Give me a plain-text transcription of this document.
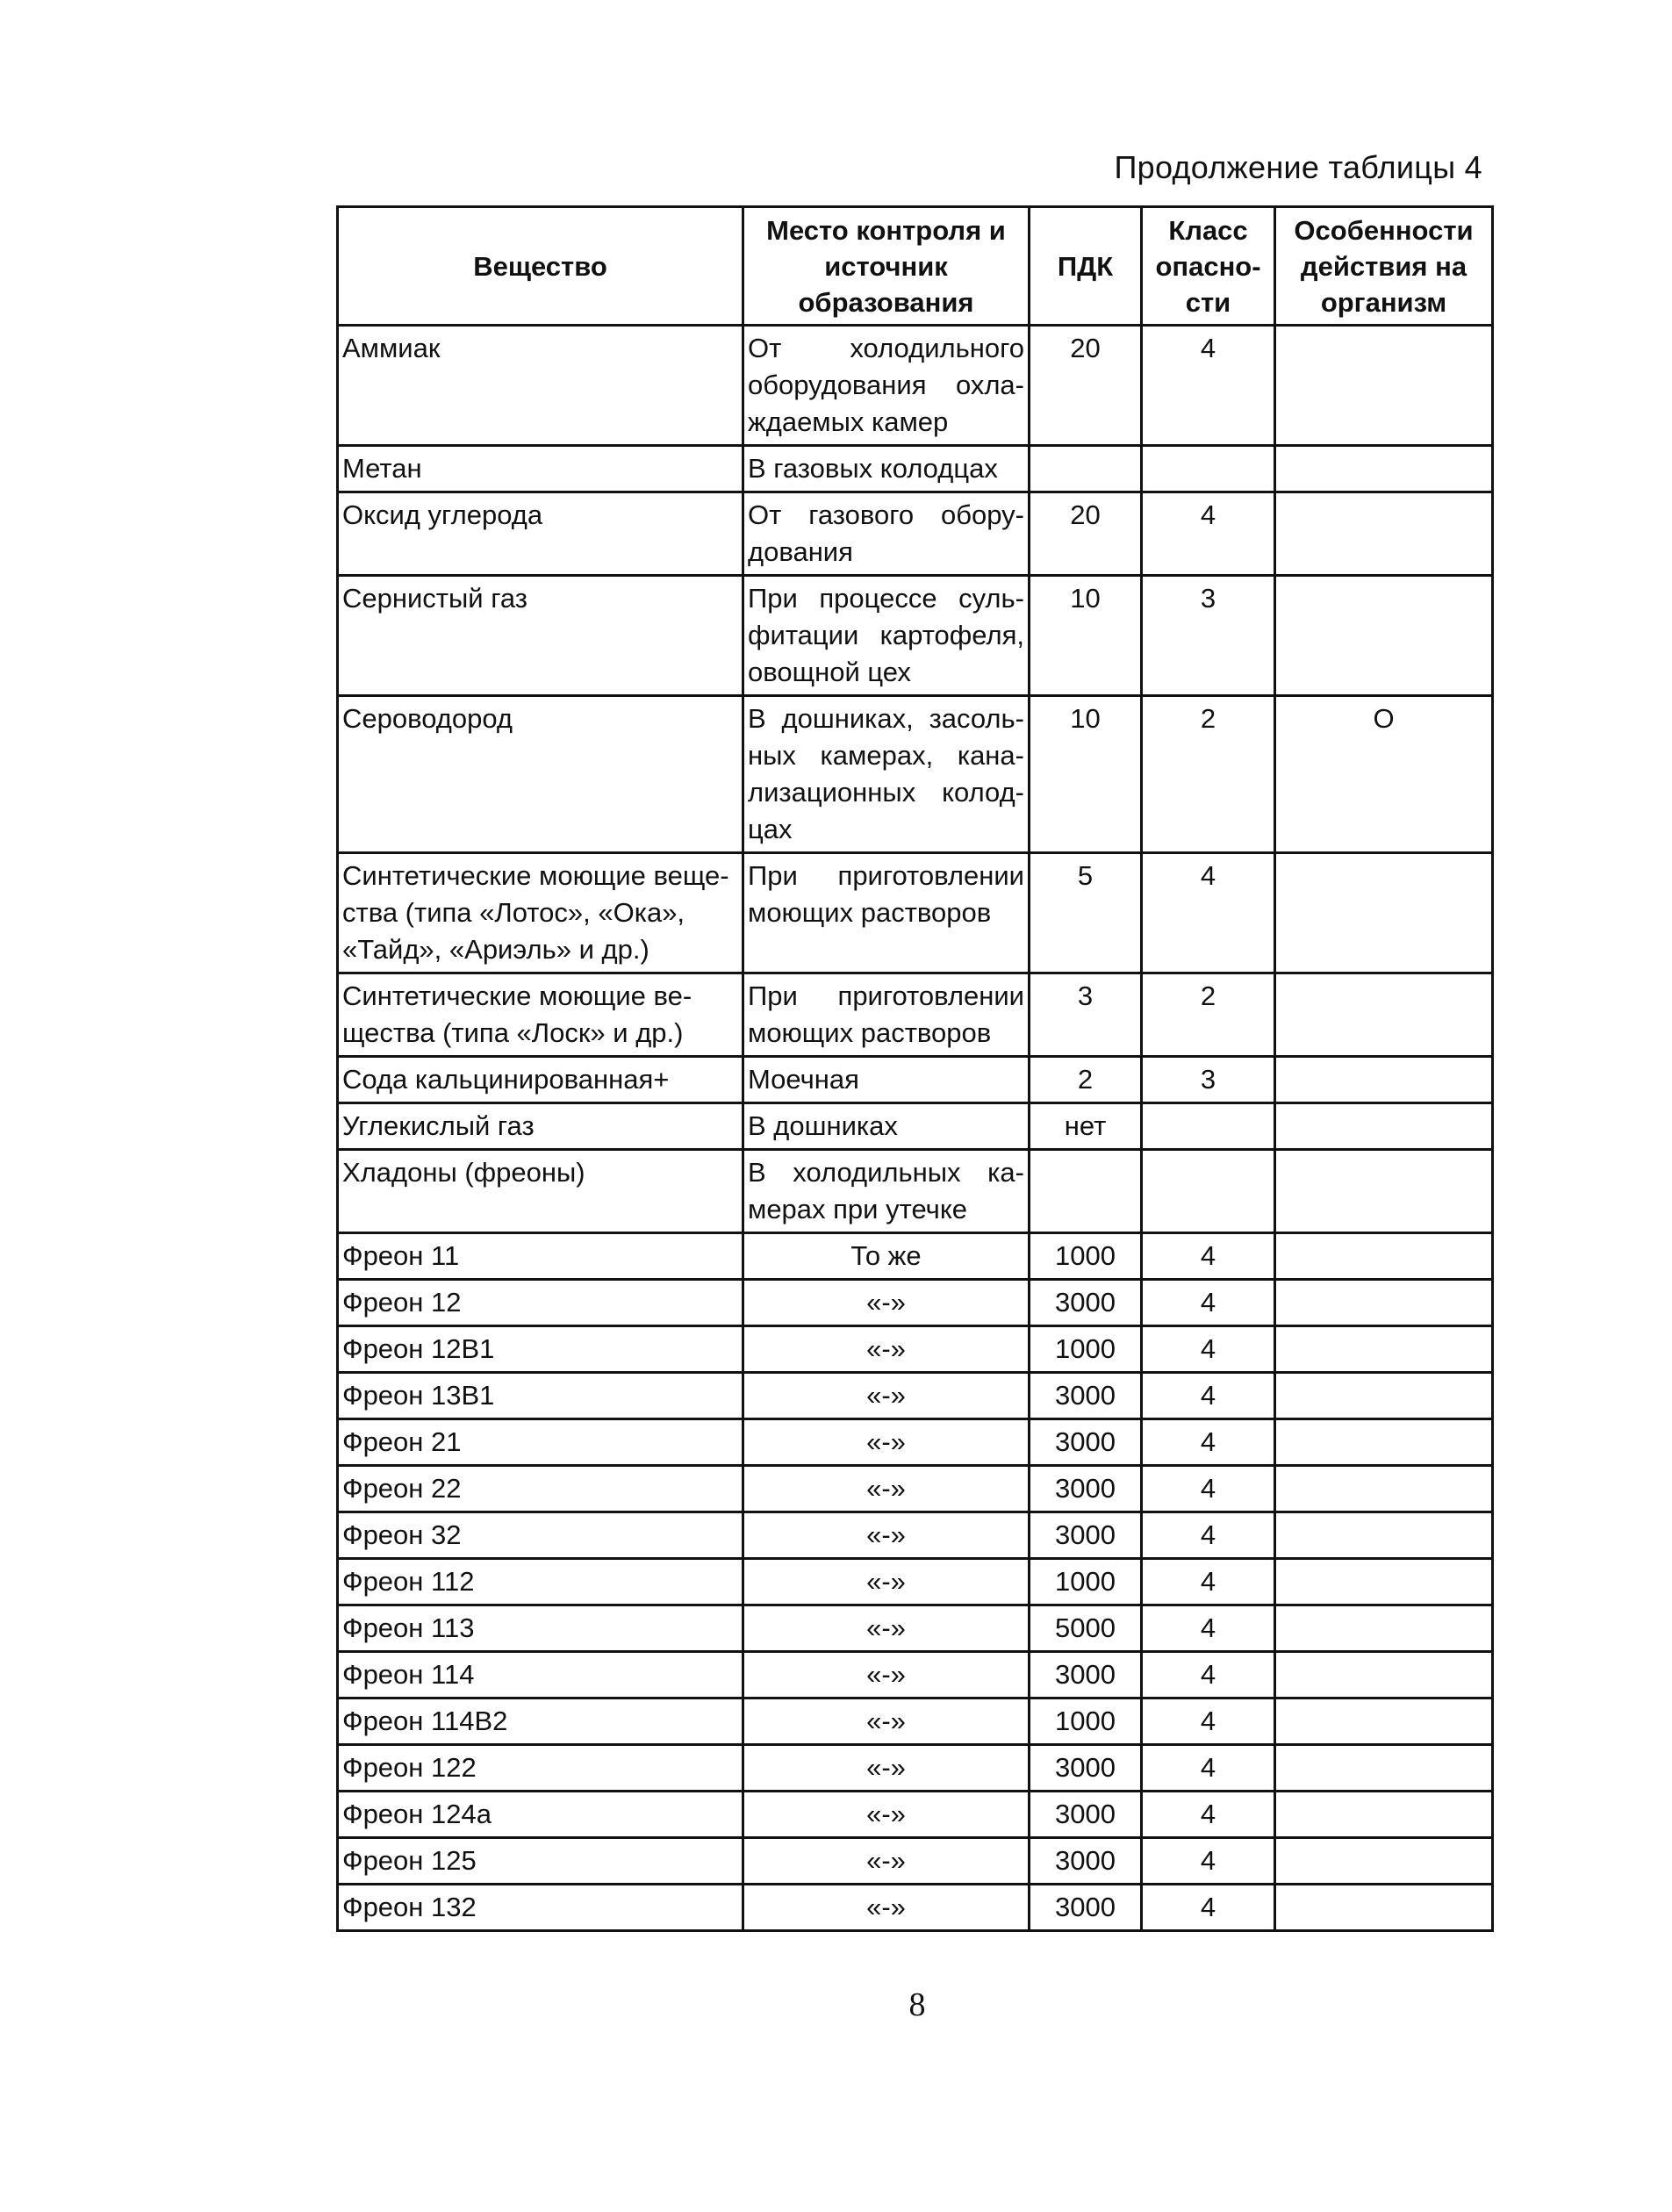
Продолжение таблицы 4
Вещество	Место контроля и источник образования	ПДК	Класс опасно-сти	Особенности действия на организм
Аммиак	От холодильного оборудования охла-ждаемых камер	20	4	
Метан	В газовых колодцах			
Оксид углерода	От газового обору-дования	20	4	
Сернистый газ	При процессе суль-фитации картофеля, овощной цех	10	3	
Сероводород	В дошниках, засоль-ных камерах, кана-лизационных колод-цах	10	2	О
Синтетические моющие веще-ства (типа «Лотос», «Ока», «Тайд», «Ариэль» и др.)	При приготовлении моющих растворов	5	4	
Синтетические моющие ве-щества (типа «Лоск» и др.)	При приготовлении моющих растворов	3	2	
Сода кальцинированная+	Моечная	2	3	
Углекислый газ	В дошниках	нет		
Хладоны (фреоны)	В холодильных ка-мерах при утечке			
Фреон 11	То же	1000	4	
Фреон 12	«-»	3000	4	
Фреон 12В1	«-»	1000	4	
Фреон 13В1	«-»	3000	4	
Фреон 21	«-»	3000	4	
Фреон 22	«-»	3000	4	
Фреон 32	«-»	3000	4	
Фреон 112	«-»	1000	4	
Фреон 113	«-»	5000	4	
Фреон 114	«-»	3000	4	
Фреон 114В2	«-»	1000	4	
Фреон 122	«-»	3000	4	
Фреон 124а	«-»	3000	4	
Фреон 125	«-»	3000	4	
Фреон 132	«-»	3000	4	
8
